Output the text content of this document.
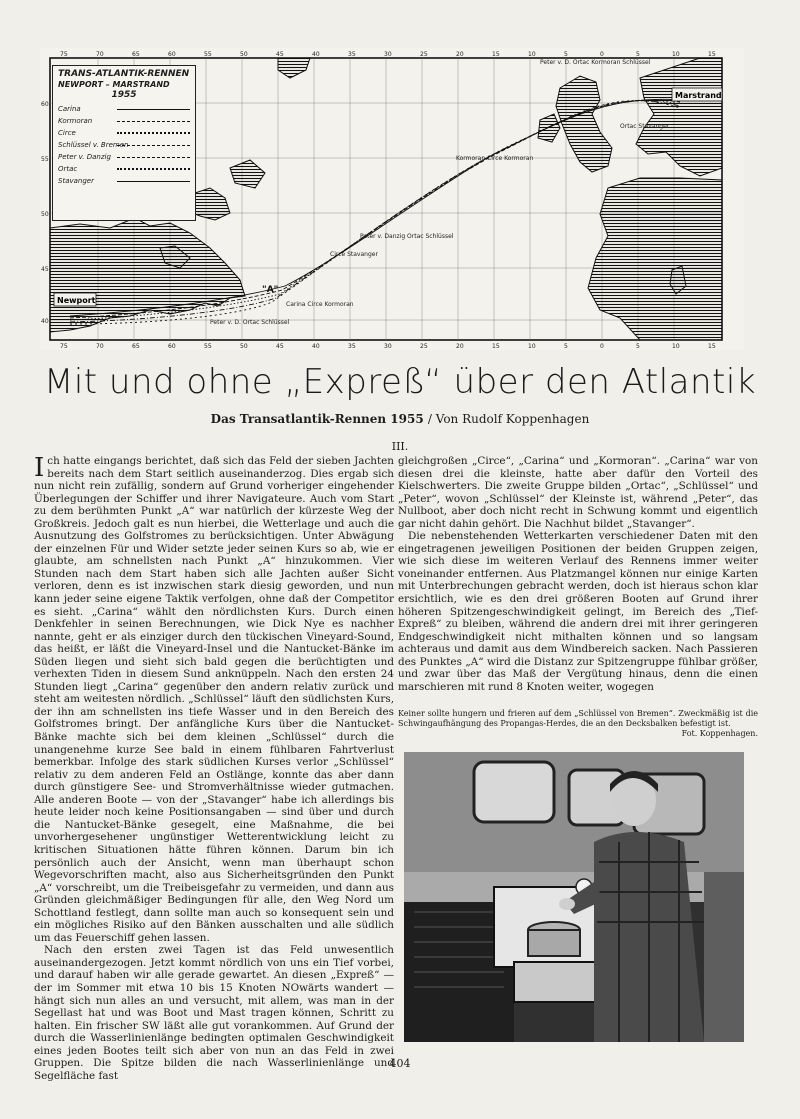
75	70	65	60	55	50	45	40	35	30	25	20	15	10	5	0	5	10	15
75	70	65	60	55	50	45	40	35	30	25	20	15	10	5	0	5	10	15
60
55
50
45
40
Newport
Marstrand
"A"
Peter v. D. Ortac Kormoran Schlüssel
Kormoran Circe Kormoran
Ortac Stavanger
Peter v. Danzig Ortac Schlüssel
Carina Circe Kormoran
Peter v. D. Ortac Schlüssel
Circe Stavanger
TRANS-ATLANTIK-RENNEN
NEWPORT – MARSTRAND
1955
Carina
Kormoran
Circe
Schlüssel v. Bremen
Peter v. Danzig
Ortac
Stavanger
Mit und ohne „Expreß“ über den Atlantik
Das Transatlantik-Rennen 1955 / Von Rudolf Koppenhagen
III.

Ich hatte eingangs berichtet, daß sich das Feld der sieben Jachten bereits nach dem Start seitlich auseinanderzog. Dies ergab sich nun nicht rein zufällig, sondern auf Grund vorheriger eingehender Überlegungen der Schiffer und ihrer Navigateure. Auch vom Start zu dem berühmten Punkt „A“ war natürlich der kürzeste Weg der Großkreis. Jedoch galt es nun hierbei, die Wetterlage und auch die Ausnutzung des Golfstromes zu berücksichtigen. Unter Abwägung der einzelnen Für und Wider setzte jeder seinen Kurs so ab, wie er glaubte, am schnellsten nach Punkt „A“ hinzukommen. Vier Stunden nach dem Start haben sich alle Jachten außer Sicht verloren, denn es ist inzwischen stark diesig geworden, und nun kann jeder seine eigene Taktik verfolgen, ohne daß der Competitor es sieht. „Carina“ wählt den nördlichsten Kurs. Durch einen Denkfehler in seinen Berechnungen, wie Dick Nye es nachher nannte, geht er als einziger durch den tückischen Vineyard-Sound, das heißt, er läßt die Vineyard-Insel und die Nantucket-Bänke im Süden liegen und sieht sich bald gegen die berüchtigten und verhexten Tiden in diesem Sund anknüppeln. Nach den ersten 24 Stunden liegt „Carina“ gegenüber den andern relativ zurück und steht am weitesten nördlich. „Schlüssel“ läuft den südlichsten Kurs, der ihn am schnellsten ins tiefe Wasser und in den Bereich des Golfstromes bringt. Der anfängliche Kurs über die Nantucket-Bänke machte sich bei dem kleinen „Schlüssel“ durch die unangenehme kurze See bald in einem fühlbaren Fahrtverlust bemerkbar. Infolge des stark südlichen Kurses verlor „Schlüssel“ relativ zu dem anderen Feld an Ostlänge, konnte das aber dann durch günstigere See- und Stromverhältnisse wieder gutmachen. Alle anderen Boote — von der „Stavanger“ habe ich allerdings bis heute leider noch keine Positionsangaben — sind über und durch die Nantucket-Bänke gesegelt, eine Maßnahme, die bei unvorhergesehener ungünstiger Wetterentwicklung leicht zu kritischen Situationen hätte führen können. Darum bin ich persönlich auch der Ansicht, wenn man überhaupt schon Wegevorschriften macht, also aus Sicherheitsgründen den Punkt „A“ vorschreibt, um die Treibeisgefahr zu vermeiden, und dann aus Gründen gleichmäßiger Bedingungen für alle, den Weg Nord um Schottland festlegt, dann sollte man auch so konsequent sein und ein mögliches Risiko auf den Bänken ausschalten und alle südlich um das Feuerschiff gehen lassen.

Nach den ersten zwei Tagen ist das Feld unwesentlich auseinandergezogen. Jetzt kommt nördlich von uns ein Tief vorbei, und darauf haben wir alle gerade gewartet. An diesen „Expreß“ — der im Sommer mit etwa 10 bis 15 Knoten NOwärts wandert — hängt sich nun alles an und versucht, mit allem, was man in der Segellast hat und was Boot und Mast tragen können, Schritt zu halten. Ein frischer SW läßt alle gut vorankommen. Auf Grund der durch die Wasserlinienlänge bedingten optimalen Geschwindigkeit eines jeden Bootes teilt sich aber von nun an das Feld in zwei Gruppen. Die Spitze bilden die nach Wasserlinienlänge und Segelfläche fast

gleichgroßen „Circe“, „Carina“ und „Kormoran“. „Carina“ war von diesen drei die kleinste, hatte aber dafür den Vorteil des Kielschwerters. Die zweite Gruppe bilden „Ortac“, „Schlüssel“ und „Peter“, wovon „Schlüssel“ der Kleinste ist, während „Peter“, das Nullboot, aber doch nicht recht in Schwung kommt und eigentlich gar nicht dahin gehört. Die Nachhut bildet „Stavanger“.

Die nebenstehenden Wetterkarten verschiedener Daten mit den eingetragenen jeweiligen Positionen der beiden Gruppen zeigen, wie sich diese im weiteren Verlauf des Rennens immer weiter voneinander entfernen. Aus Platzmangel können nur einige Karten mit Unterbrechungen gebracht werden, doch ist hieraus schon klar ersichtlich, wie es den drei größeren Booten auf Grund ihrer höheren Spitzengeschwindigkeit gelingt, im Bereich des „Tief-Expreß“ zu bleiben, während die andern drei mit ihrer geringeren Endgeschwindigkeit nicht mithalten können und so langsam achteraus und damit aus dem Windbereich sacken. Nach Passieren des Punktes „A“ wird die Distanz zur Spitzengruppe fühlbar größer, und zwar über das Maß der Vergütung hinaus, denn die einen marschieren mit rund 8 Knoten weiter, wogegen

Keiner sollte hungern und frieren auf dem „Schlüssel von Bremen“. Zweckmäßig ist die Schwingaufhängung des Propangas-Herdes, die an den Decksbalken befestigt ist.
Fot. Koppenhagen.
404
